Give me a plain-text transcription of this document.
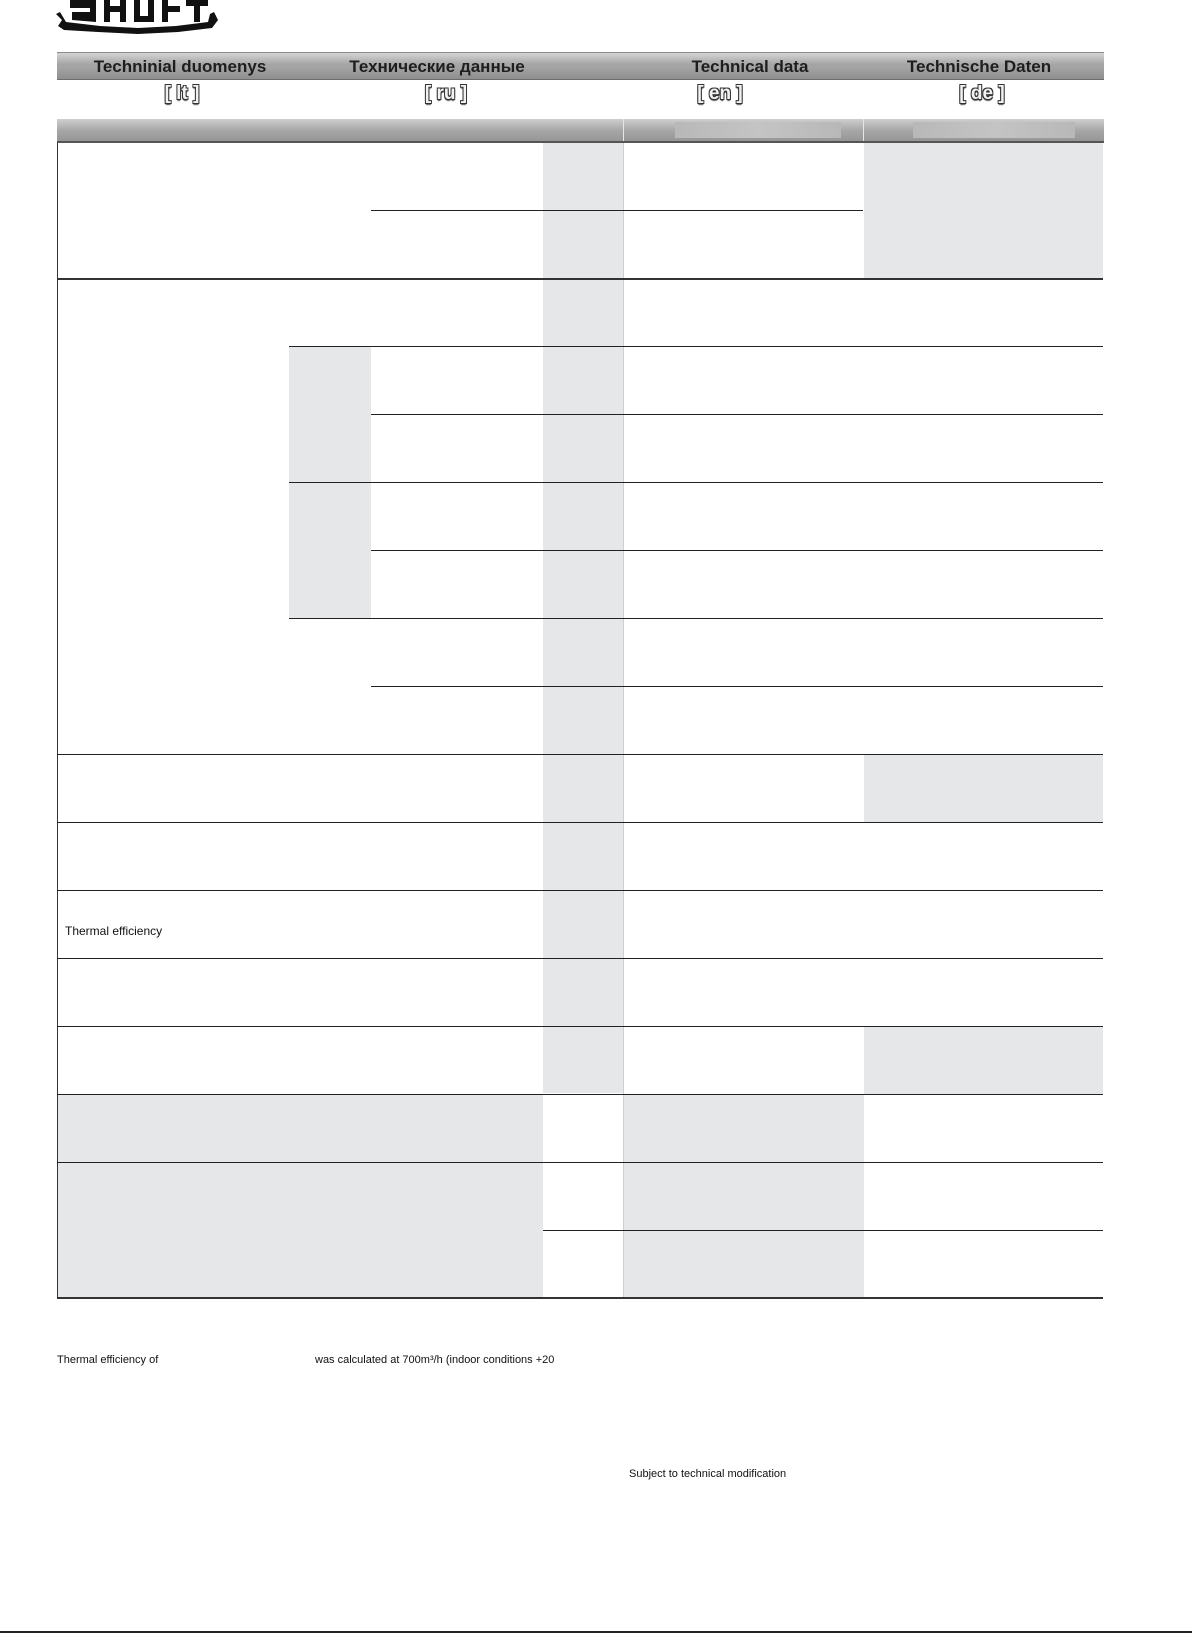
Techninial duomenys	Технические данные	Technical data	Technische Daten
[ lt ]	[ ru ]	[ en ]	[ de ]
Thermal efficiency
Thermal efficiency of	was calculated at 700m³/h (indoor conditions +20
Subject to technical modification
